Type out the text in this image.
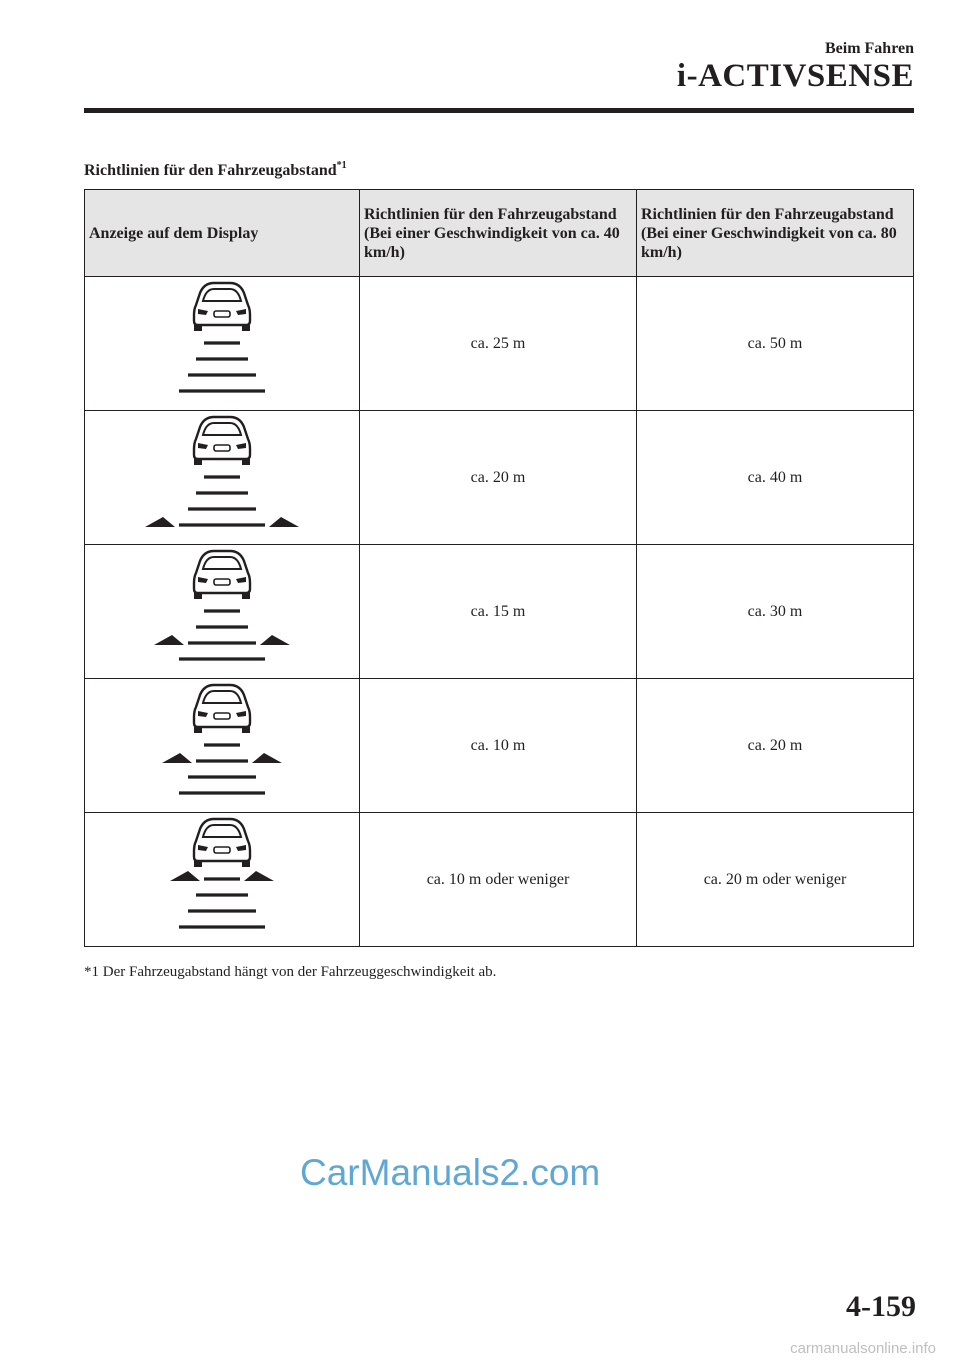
Beim Fahren
i-ACTIVSENSE
Richtlinien für den Fahrzeugabstand$^{*1}$
Anzeige auf dem Display	Richtlinien für den Fahrzeugabstand (Bei einer Geschwindigkeit von ca. 40 km/h)	Richtlinien für den Fahrzeugabstand (Bei einer Geschwindigkeit von ca. 80 km/h)

	ca. 25 m	ca. 50 m

	ca. 20 m	ca. 40 m

	ca. 15 m	ca. 30 m

	ca. 10 m	ca. 20 m

	ca. 10 m oder weniger	ca. 20 m oder weniger
*1 Der Fahrzeugabstand hängt von der Fahrzeuggeschwindigkeit ab.
CarManuals2.com
4-159
carmanualsonline.info
